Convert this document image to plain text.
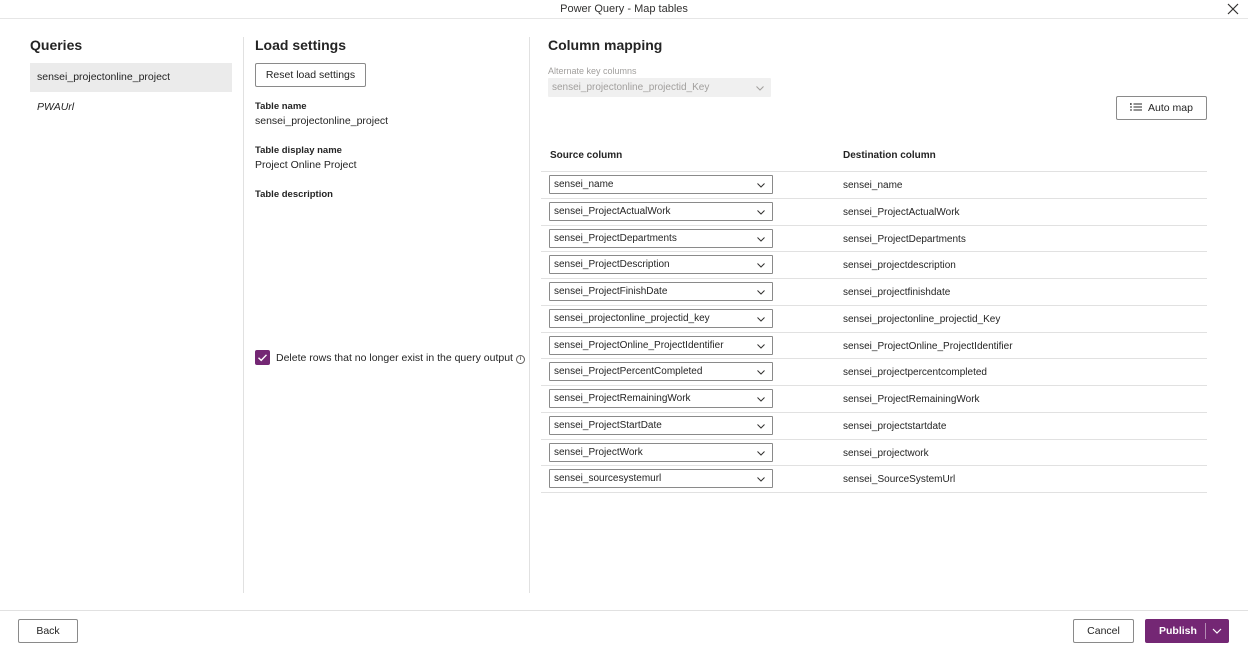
Power Query - Map tables
Queries
sensei_projectonline_project
PWAUrl
Load settings
Reset load settings
Table name
sensei_projectonline_project
Table display name
Project Online Project
Table description
Delete rows that no longer exist in the query output i
Column mapping
Alternate key columns
sensei_projectonline_projectid_Key
Auto map
Source column	Destination column
sensei_name	sensei_name
sensei_ProjectActualWork	sensei_ProjectActualWork
sensei_ProjectDepartments	sensei_ProjectDepartments
sensei_ProjectDescription	sensei_projectdescription
sensei_ProjectFinishDate	sensei_projectfinishdate
sensei_projectonline_projectid_key	sensei_projectonline_projectid_Key
sensei_ProjectOnline_ProjectIdentifier	sensei_ProjectOnline_ProjectIdentifier
sensei_ProjectPercentCompleted	sensei_projectpercentcompleted
sensei_ProjectRemainingWork	sensei_ProjectRemainingWork
sensei_ProjectStartDate	sensei_projectstartdate
sensei_ProjectWork	sensei_projectwork
sensei_sourcesystemurl	sensei_SourceSystemUrl
Back	Cancel	Publish
